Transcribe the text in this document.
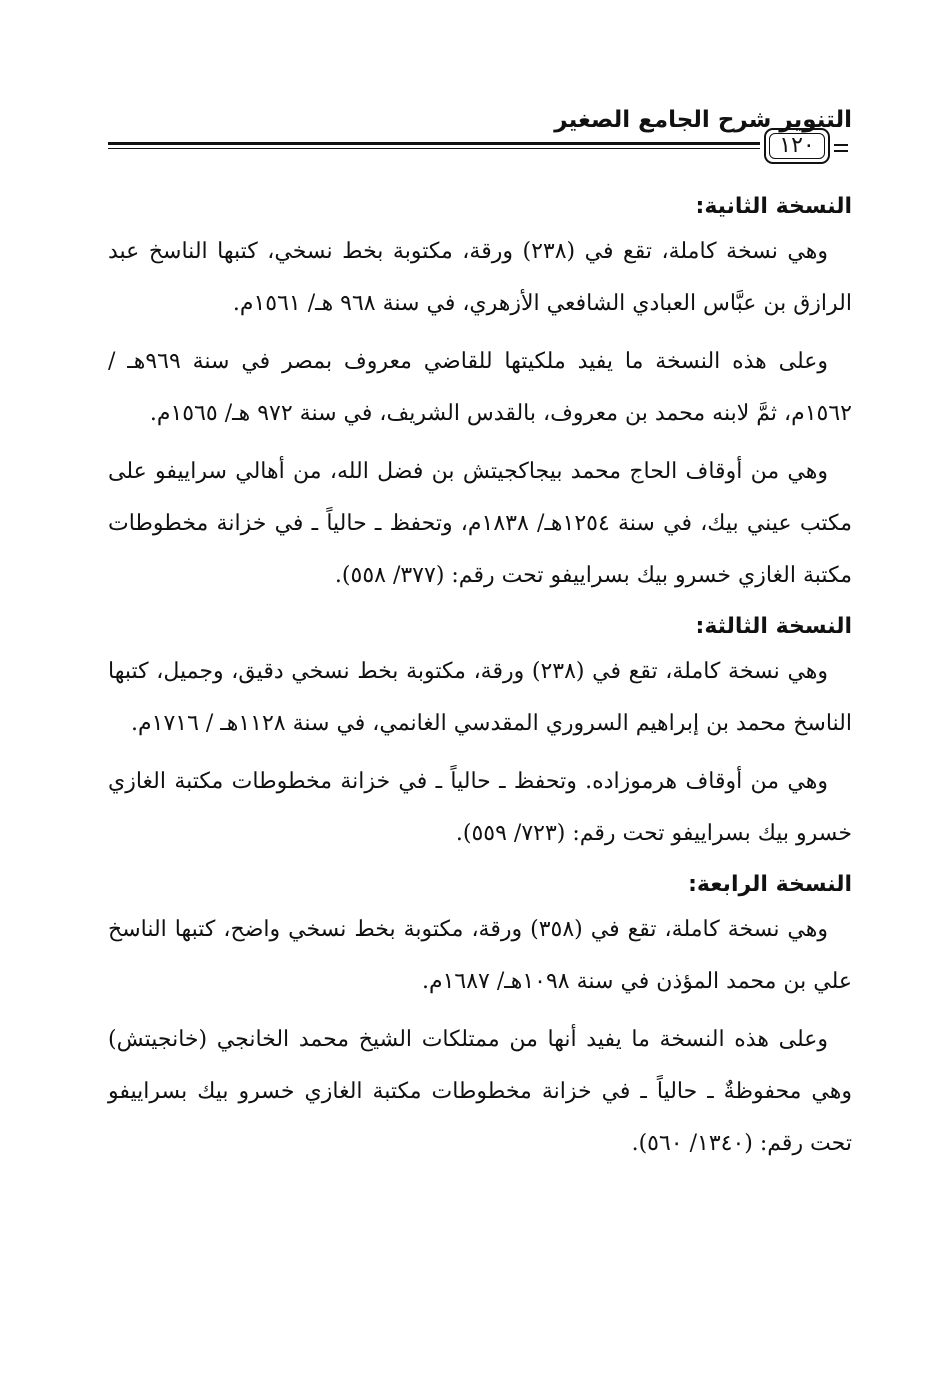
التنوير شرح الجامع الصغير
١٢٠
النسخة الثانية:

وهي نسخة كاملة، تقع في (٢٣٨) ورقة، مكتوبة بخط نسخي، كتبها الناسخ عبد الرازق بن عبَّاس العبادي الشافعي الأزهري، في سنة ٩٦٨ هـ/ ١٥٦١م.

وعلى هذه النسخة ما يفيد ملكيتها للقاضي معروف بمصر في سنة ٩٦٩هـ / ١٥٦٢م، ثمَّ لابنه محمد بن معروف، بالقدس الشريف، في سنة ٩٧٢ هـ/ ١٥٦٥م.

وهي من أوقاف الحاج محمد بيجاكجيتش بن فضل الله، من أهالي سراييفو على مكتب عيني بيك، في سنة ١٢٥٤هـ/ ١٨٣٨م، وتحفظ ـ حالياً ـ في خزانة مخطوطات مكتبة الغازي خسرو بيك بسراييفو تحت رقم: (٣٧٧/ ٥٥٨).

النسخة الثالثة:

وهي نسخة كاملة، تقع في (٢٣٨) ورقة، مكتوبة بخط نسخي دقيق، وجميل، كتبها الناسخ محمد بن إبراهيم السروري المقدسي الغانمي، في سنة ١١٢٨هـ / ١٧١٦م.

وهي من أوقاف هرموزاده. وتحفظ ـ حالياً ـ في خزانة مخطوطات مكتبة الغازي خسرو بيك بسراييفو تحت رقم: (٧٢٣/ ٥٥٩).

النسخة الرابعة:

وهي نسخة كاملة، تقع في (٣٥٨) ورقة، مكتوبة بخط نسخي واضح، كتبها الناسخ علي بن محمد المؤذن في سنة ١٠٩٨هـ/ ١٦٨٧م.

وعلى هذه النسخة ما يفيد أنها من ممتلكات الشيخ محمد الخانجي (خانجيتش) وهي محفوظةٌ ـ حالياً ـ في خزانة مخطوطات مكتبة الغازي خسرو بيك بسراييفو تحت رقم: (١٣٤٠/ ٥٦٠).
